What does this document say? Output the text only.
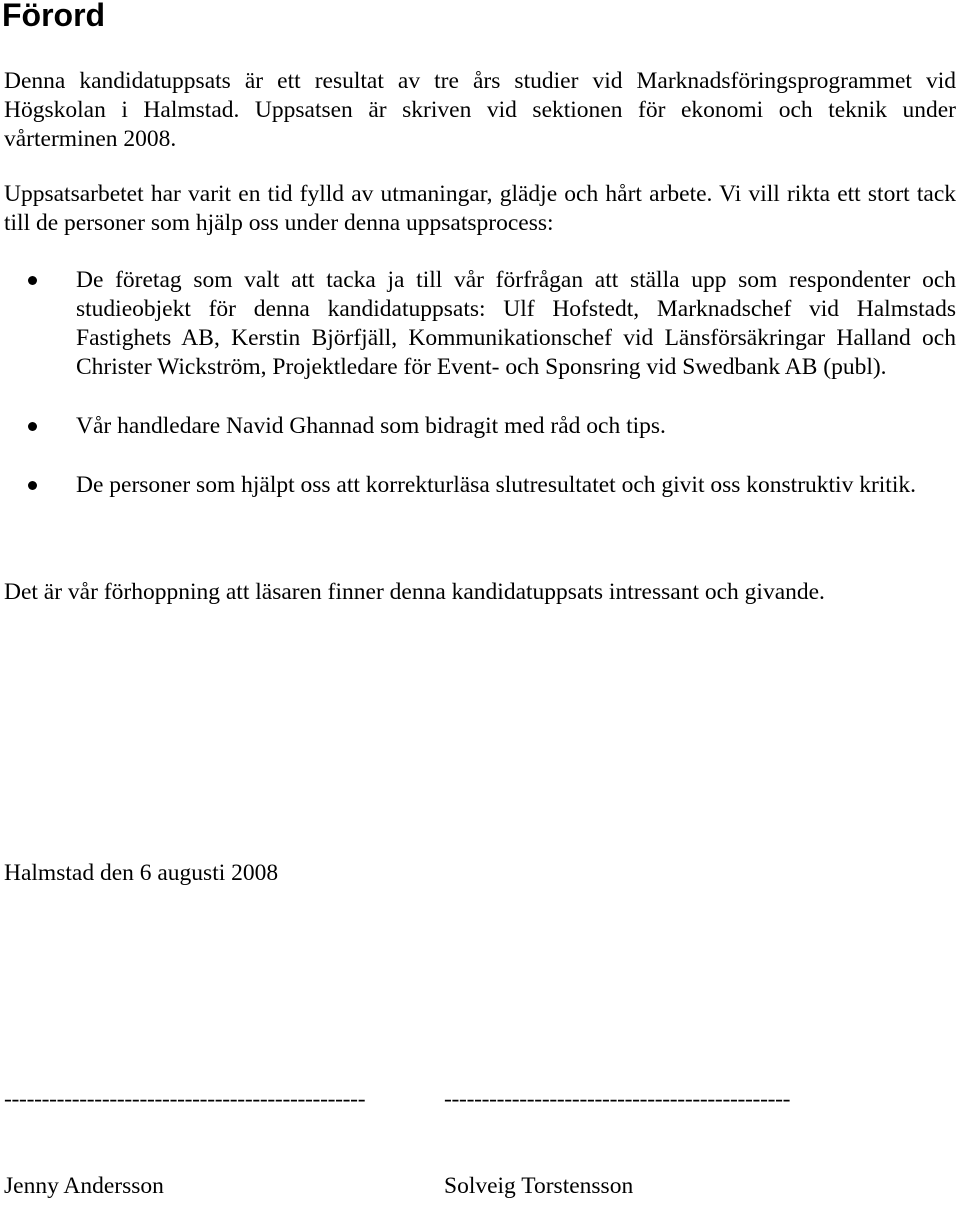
Förord

Denna kandidatuppsats är ett resultat av tre års studier vid Marknadsföringsprogrammet vid Högskolan i Halmstad. Uppsatsen är skriven vid sektionen för ekonomi och teknik under vårterminen 2008.

Uppsatsarbetet har varit en tid fylld av utmaningar, glädje och hårt arbete. Vi vill rikta ett stort tack till de personer som hjälp oss under denna uppsatsprocess:

De företag som valt att tacka ja till vår förfrågan att ställa upp som respondenter och studieobjekt för denna kandidatuppsats: Ulf Hofstedt, Marknadschef vid Halmstads Fastighets AB, Kerstin Björfjäll, Kommunikationschef vid Länsförsäkringar Halland och Christer Wickström, Projektledare för Event- och Sponsring vid Swedbank AB (publ).
Vår handledare Navid Ghannad som bidragit med råd och tips.
De personer som hjälpt oss att korrekturläsa slutresultatet och givit oss konstruktiv kritik.

Det är vår förhoppning att läsaren finner denna kandidatuppsats intressant och givande.

Halmstad den 6 augusti 2008

------------------------------------------------

Jenny Andersson

----------------------------------------------

Solveig Torstensson
